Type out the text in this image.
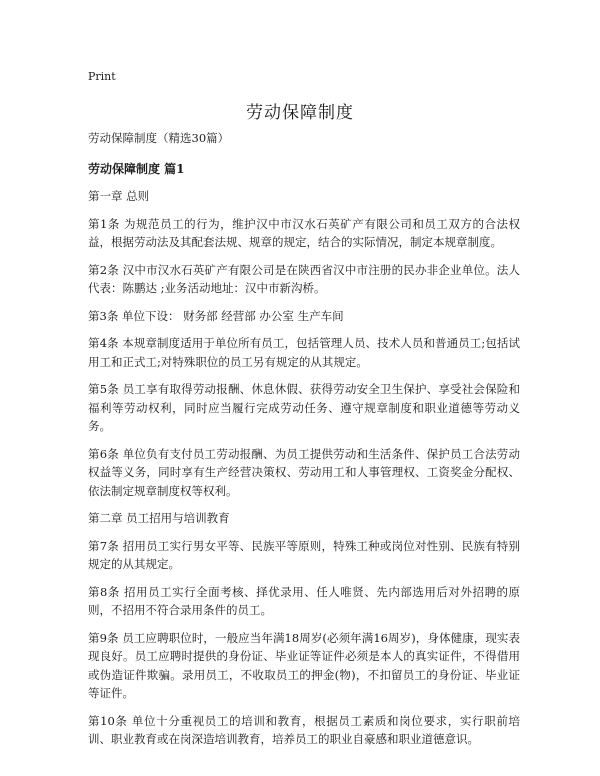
Print
劳动保障制度
劳动保障制度（精选30篇）
劳动保障制度 篇1

第一章 总则

第1条 为规范员工的行为，维护汉中市汉水石英矿产有限公司和员工双方的合法权益，根据劳动法及其配套法规、规章的规定，结合的实际情况，制定本规章制度。

第2条 汉中市汉水石英矿产有限公司是在陕西省汉中市注册的民办非企业单位。法人代表：陈鹏达 ;业务活动地址：汉中市新沟桥。

第3条 单位下设： 财务部 经营部 办公室 生产车间

第4条 本规章制度适用于单位所有员工，包括管理人员、技术人员和普通员工;包括试用工和正式工;对特殊职位的员工另有规定的从其规定。

第5条 员工享有取得劳动报酬、休息休假、获得劳动安全卫生保护、享受社会保险和福利等劳动权利，同时应当履行完成劳动任务、遵守规章制度和职业道德等劳动义务。

第6条 单位负有支付员工劳动报酬、为员工提供劳动和生活条件、保护员工合法劳动权益等义务，同时享有生产经营决策权、劳动用工和人事管理权、工资奖金分配权、依法制定规章制度权等权利。

第二章 员工招用与培训教育

第7条 招用员工实行男女平等、民族平等原则，特殊工种或岗位对性别、民族有特别规定的从其规定。

第8条 招用员工实行全面考核、择优录用、任人唯贤、先内部选用后对外招聘的原则，不招用不符合录用条件的员工。

第9条 员工应聘职位时，一般应当年满18周岁(必须年满16周岁)，身体健康，现实表现良好。员工应聘时提供的身份证、毕业证等证件必须是本人的真实证件，不得借用或伪造证件欺骗。录用员工，不收取员工的押金(物)，不扣留员工的身份证、毕业证等证件。

第10条 单位十分重视员工的培训和教育，根据员工素质和岗位要求，实行职前培训、职业教育或在岗深造培训教育，培养员工的职业自豪感和职业道德意识。
